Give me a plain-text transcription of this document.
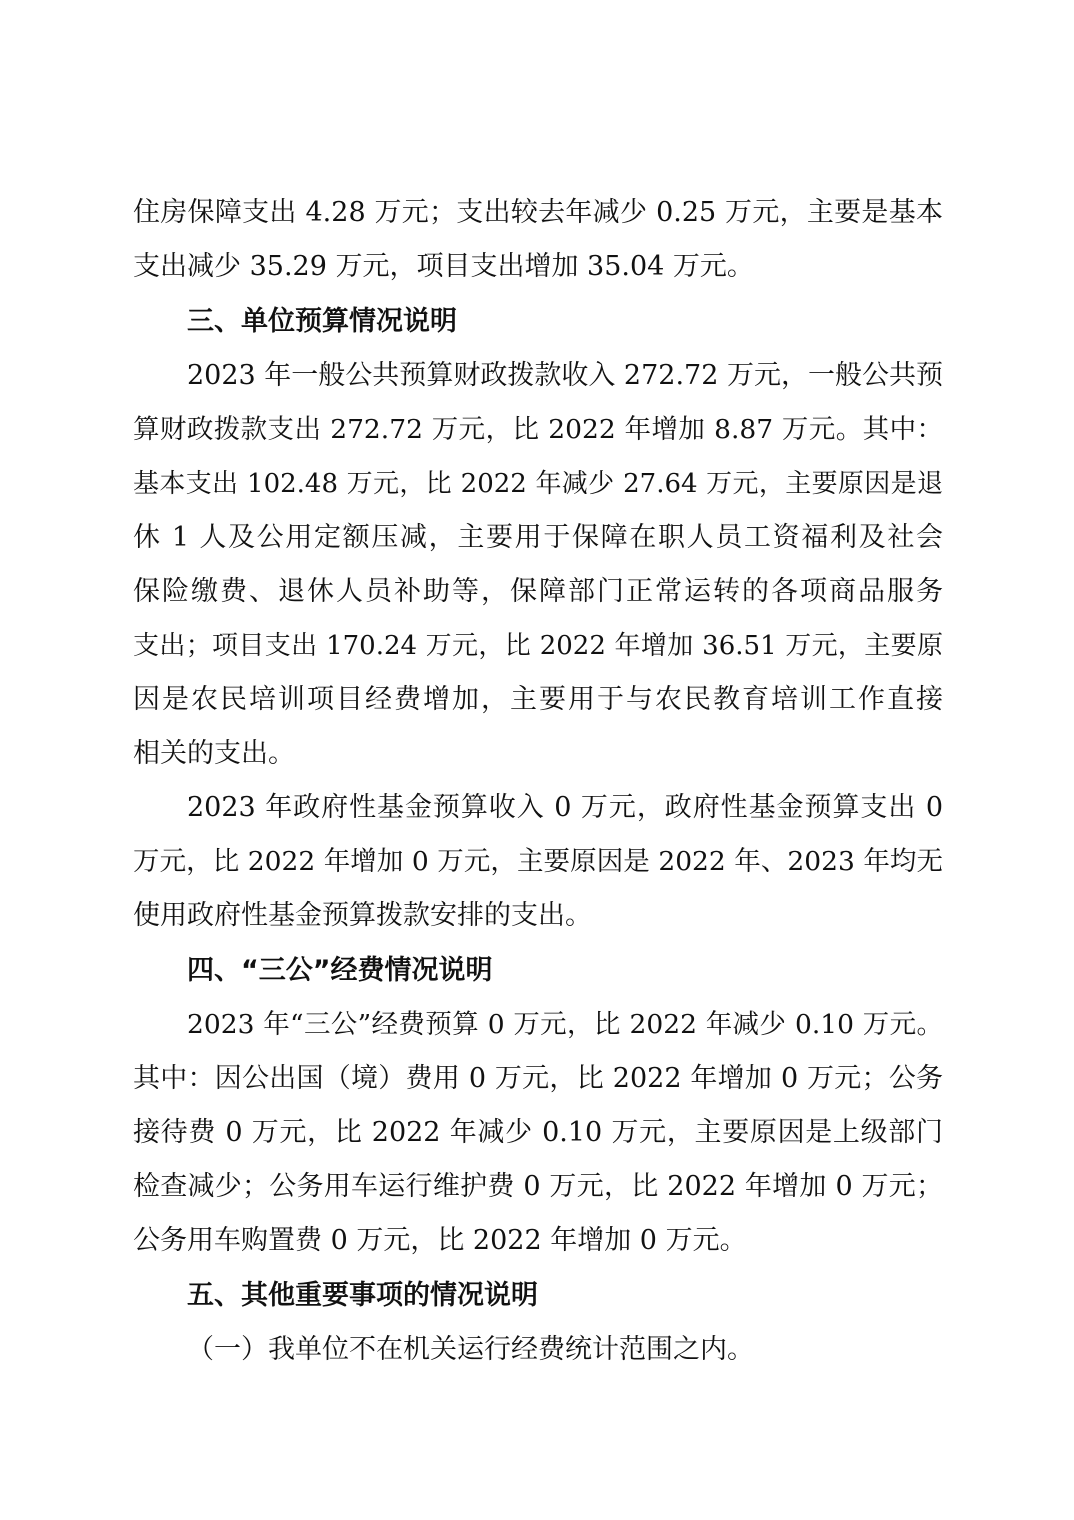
住房保障支出 4.28 万元；支出较去年减少 0.25 万元，主要是基本
支出减少 35.29 万元，项目支出增加 35.04 万元。
三、单位预算情况说明
2023 年一般公共预算财政拨款收入 272.72 万元，一般公共预
算财政拨款支出 272.72 万元，比 2022 年增加 8.87 万元。其中：
基本支出 102.48 万元，比 2022 年减少 27.64 万元，主要原因是退
休 1 人及公用定额压减，主要用于保障在职人员工资福利及社会
保险缴费、退休人员补助等，保障部门正常运转的各项商品服务
支出；项目支出 170.24 万元，比 2022 年增加 36.51 万元，主要原
因是农民培训项目经费增加，主要用于与农民教育培训工作直接
相关的支出。
2023 年政府性基金预算收入 0 万元，政府性基金预算支出 0
万元，比 2022 年增加 0 万元，主要原因是 2022 年、2023 年均无
使用政府性基金预算拨款安排的支出。
四、“三公”经费情况说明
2023 年“三公”经费预算 0 万元，比 2022 年减少 0.10 万元。
其中：因公出国（境）费用 0 万元，比 2022 年增加 0 万元；公务
接待费 0 万元，比 2022 年减少 0.10 万元，主要原因是上级部门
检查减少；公务用车运行维护费 0 万元，比 2022 年增加 0 万元；
公务用车购置费 0 万元，比 2022 年增加 0 万元。
五、其他重要事项的情况说明
（一）我单位不在机关运行经费统计范围之内。
